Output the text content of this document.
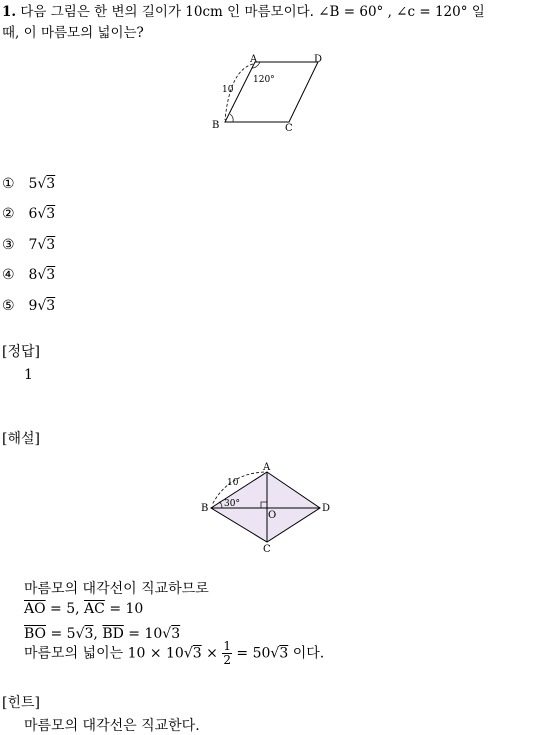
1. 다음 그림은 한 변의 길이가 10cm 인 마름모이다. ∠B = 60° , ∠c = 120° 일
때, 이 마름모의 넓이는?
A	D
B	C
10
120°
① 5√3
② 6√3
③ 7√3
④ 8√3
⑤ 9√3
[정답]
1
[해설]
A
B	D
C
O
10
30°
마름모의 대각선이 직교하므로
$\overline{AO} = 5$, $\overline{AC} = 10$
$\overline{BO} = 5√3$, $\overline{BD} = 10√3$
마름모의 넓이는 $10 \times 10√3 \times \frac{1}{2} = 50√3$ 이다.
[힌트]
마름모의 대각선은 직교한다.
